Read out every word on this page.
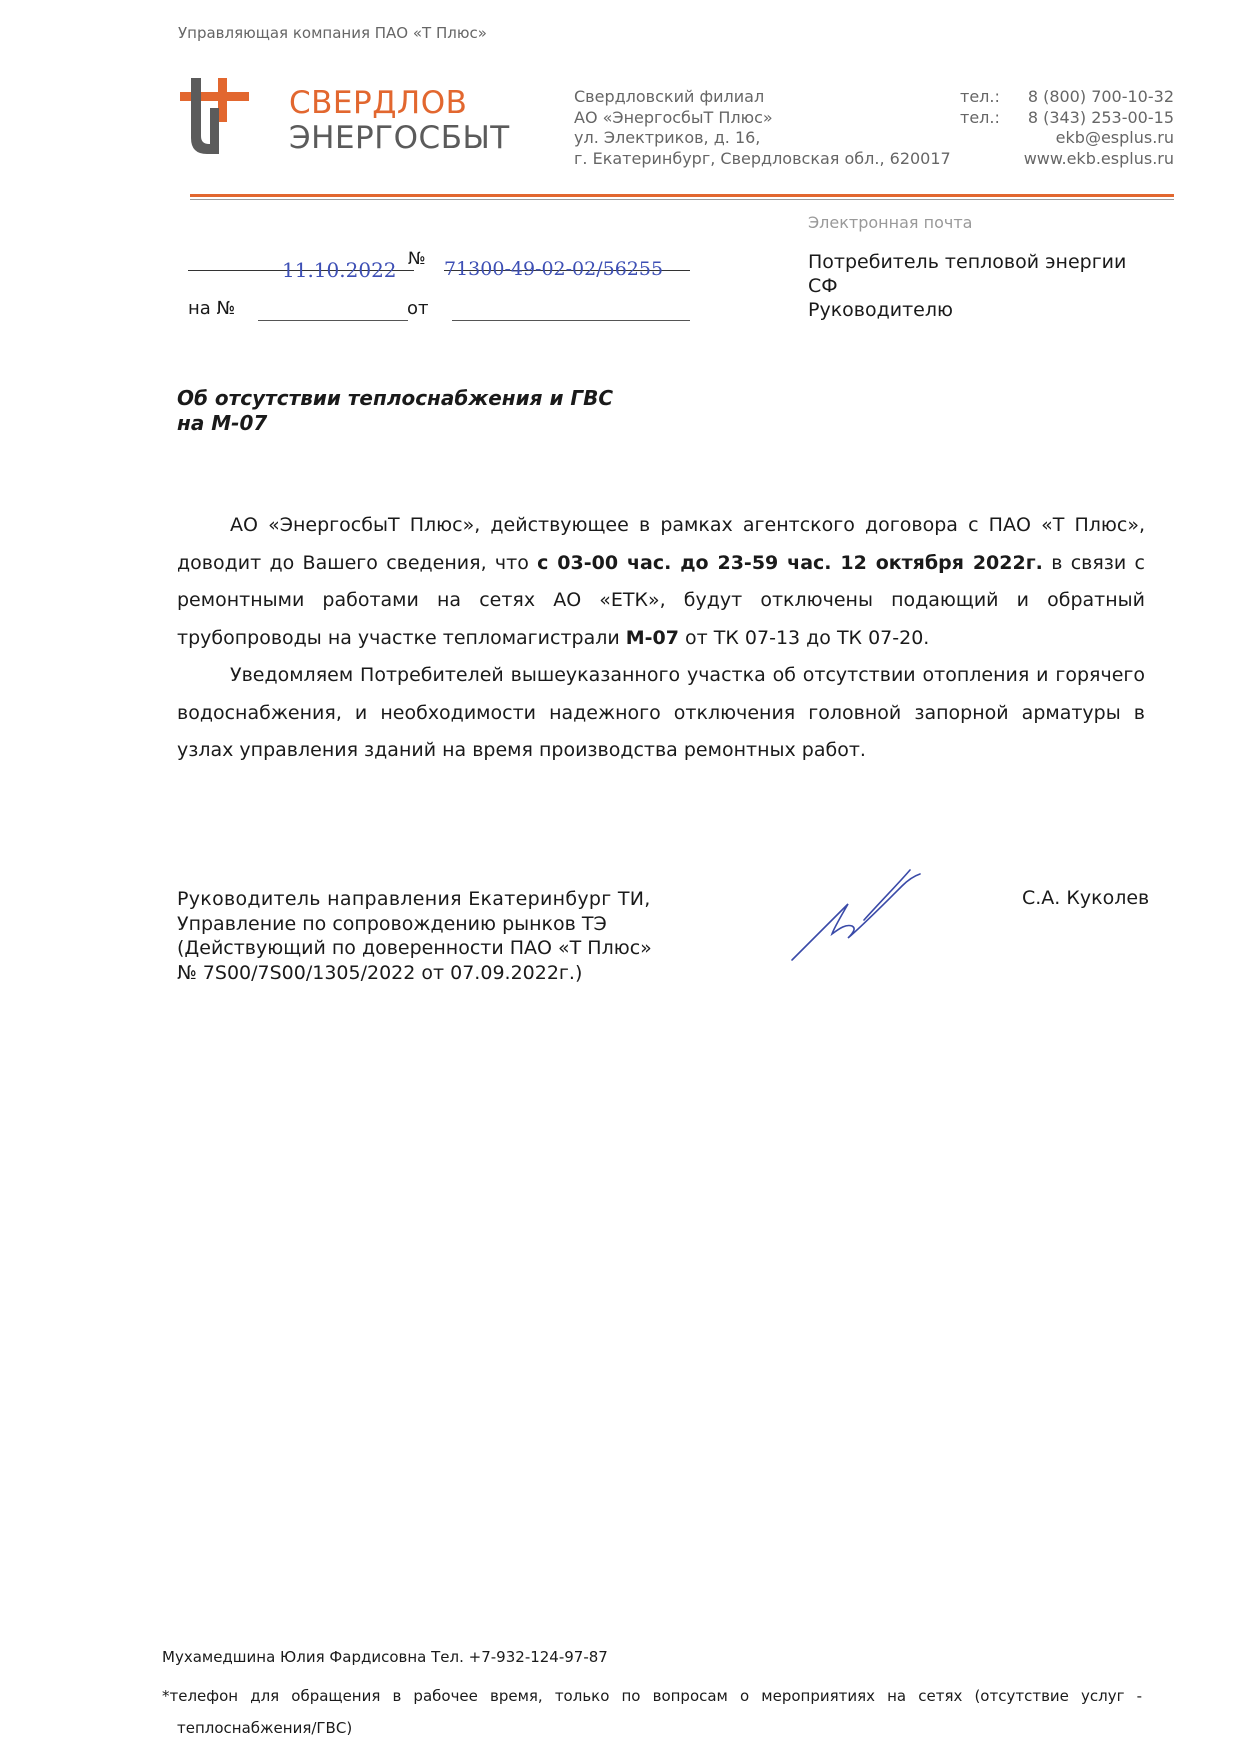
Управляющая компания ПАО «Т Плюс»
СВЕРДЛОВ
ЭНЕРГОСБЫТ
Свердловский филиал
АО «ЭнергосбыТ Плюс»
ул. Электриков, д. 16,
г. Екатеринбург, Свердловская обл., 620017
тел.: 8 (800) 700-10-32
тел.: 8 (343) 253-00-15
ekb@esplus.ru
www.ekb.esplus.ru
Электронная почта
11.10.2022 № 71300-49-02-02/56255
на №	от
Потребитель тепловой энергии
СФ
Руководителю
Об отсутствии теплоснабжения и ГВС
на М-07

АО «ЭнергосбыТ Плюс», действующее в рамках агентского договора с ПАО «Т Плюс», доводит до Вашего сведения, что с 03-00 час. до 23-59 час. 12 октября 2022г. в связи с ремонтными работами на сетях АО «ЕТК», будут отключены подающий и обратный трубопроводы на участке тепломагистрали М-07 от ТК 07-13 до ТК 07-20.

Уведомляем Потребителей вышеуказанного участка об отсутствии отопления и горячего водоснабжения, и необходимости надежного отключения головной запорной арматуры в узлах управления зданий на время производства ремонтных работ.

Руководитель направления Екатеринбург ТИ,
Управление по сопровождению рынков ТЭ
(Действующий по доверенности ПАО «Т Плюс»
№ 7S00/7S00/1305/2022 от 07.09.2022г.)
С.А. Куколев
Мухамедшина Юлия Фардисовна Тел. +7-932-124-97-87
*телефон для обращения в рабочее время, только по вопросам о мероприятиях на сетях (отсутствие услуг -
теплоснабжения/ГВС)
